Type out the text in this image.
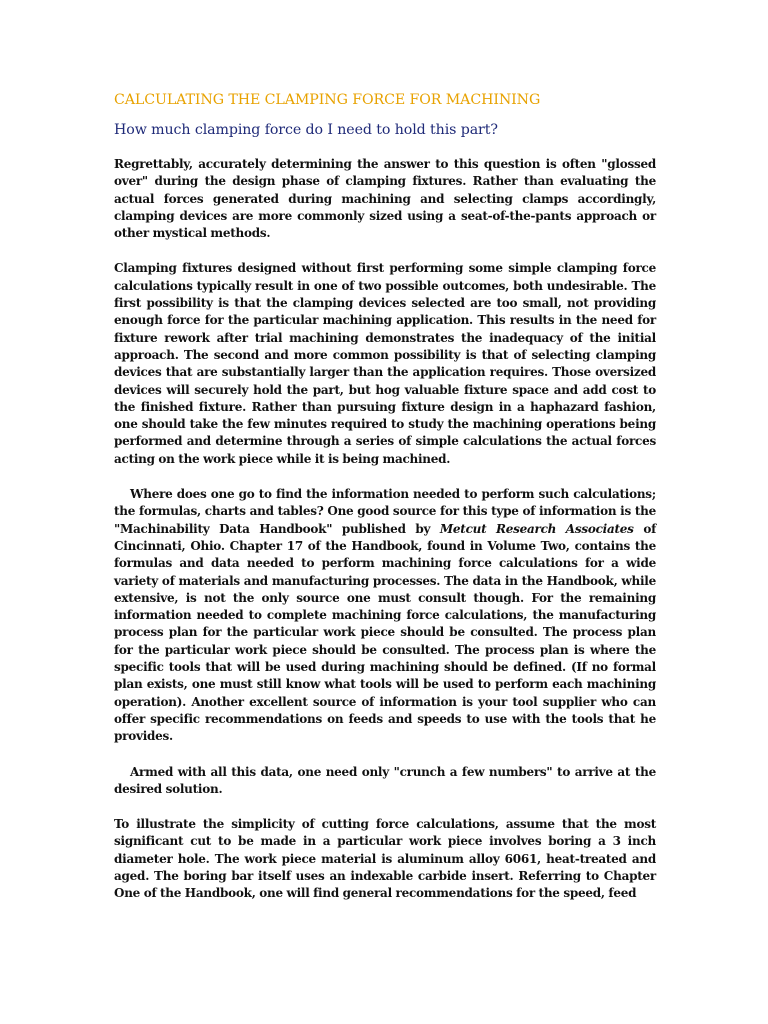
CALCULATING THE CLAMPING FORCE FOR MACHINING
How much clamping force do I need to hold this part?

Regrettably, accurately determining the answer to this question is often "glossed over" during the design phase of clamping fixtures. Rather than evaluating the actual forces generated during machining and selecting clamps accordingly, clamping devices are more commonly sized using a seat-of-the-pants approach or other mystical methods.

Clamping fixtures designed without first performing some simple clamping force calculations typically result in one of two possible outcomes, both undesirable. The first possibility is that the clamping devices selected are too small, not providing enough force for the particular machining application. This results in the need for fixture rework after trial machining demonstrates the inadequacy of the initial approach. The second and more common possibility is that of selecting clamping devices that are substantially larger than the application requires. Those oversized devices will securely hold the part, but hog valuable fixture space and add cost to the finished fixture. Rather than pursuing fixture design in a haphazard fashion, one should take the few minutes required to study the machining operations being performed and determine through a series of simple calculations the actual forces acting on the work piece while it is being machined.

Where does one go to find the information needed to perform such calculations; the formulas, charts and tables? One good source for this type of information is the "Machinability Data Handbook" published by Metcut Research Associates of Cincinnati, Ohio. Chapter 17 of the Handbook, found in Volume Two, contains the formulas and data needed to perform machining force calculations for a wide variety of materials and manufacturing processes. The data in the Handbook, while extensive, is not the only source one must consult though. For the remaining information needed to complete machining force calculations, the manufacturing process plan for the particular work piece should be consulted. The process plan for the particular work piece should be consulted. The process plan is where the specific tools that will be used during machining should be defined. (If no formal plan exists, one must still know what tools will be used to perform each machining operation). Another excellent source of information is your tool supplier who can offer specific recommendations on feeds and speeds to use with the tools that he provides.

Armed with all this data, one need only "crunch a few numbers" to arrive at the desired solution.

To illustrate the simplicity of cutting force calculations, assume that the most significant cut to be made in a particular work piece involves boring a 3 inch diameter hole. The work piece material is aluminum alloy 6061, heat-treated and aged. The boring bar itself uses an indexable carbide insert. Referring to Chapter One of the Handbook, one will find general recommendations for the speed, feed
